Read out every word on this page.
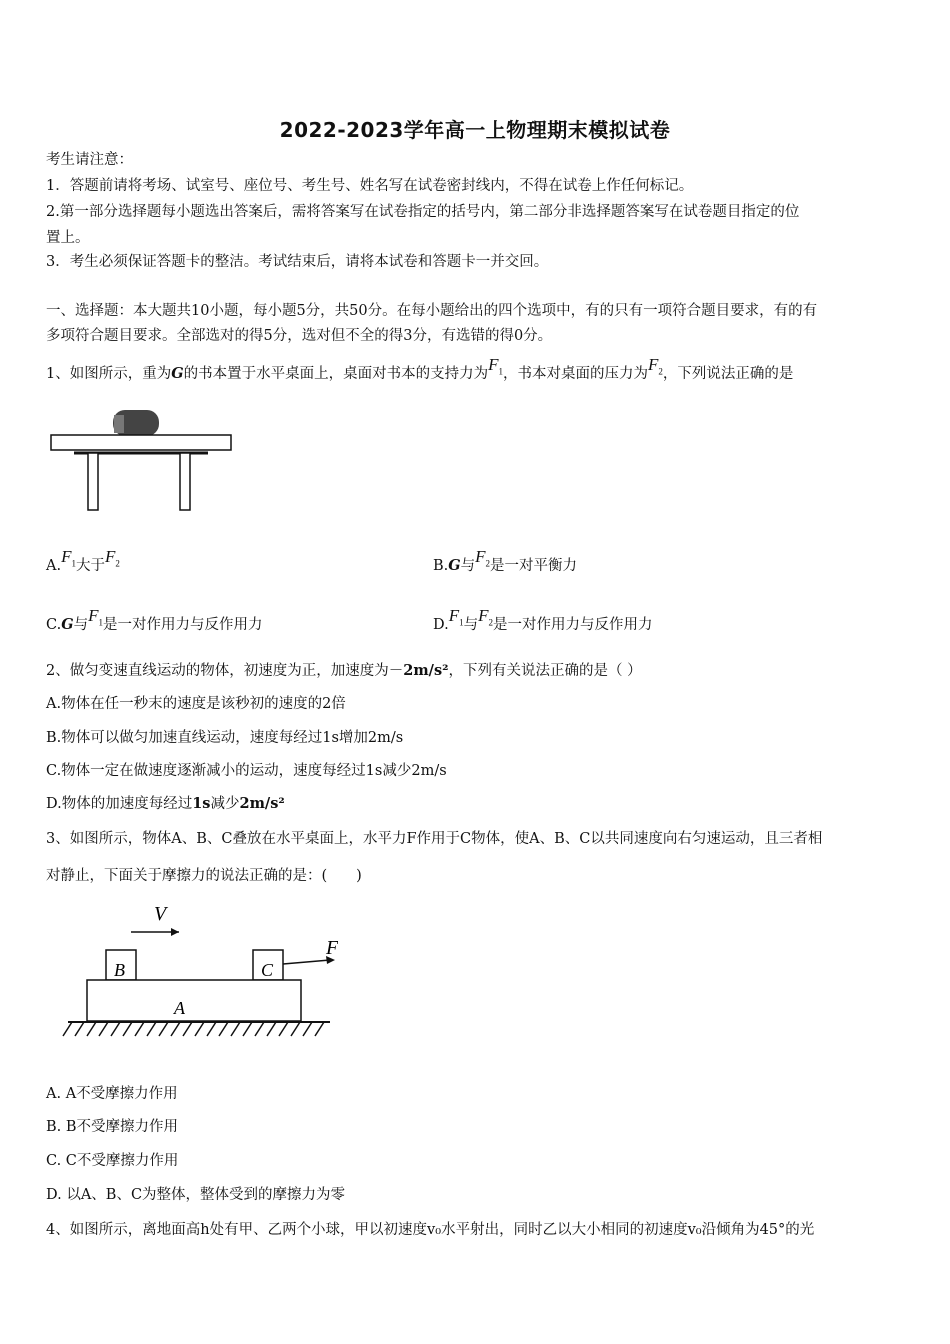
2022-2023学年高一上物理期末模拟试卷
考生请注意：
1．答题前请将考场、试室号、座位号、考生号、姓名写在试卷密封线内，不得在试卷上作任何标记。
2.第一部分选择题每小题选出答案后，需将答案写在试卷指定的括号内，第二部分非选择题答案写在试卷题目指定的位
置上。
3．考生必须保证答题卡的整洁。考试结束后，请将本试卷和答题卡一并交回。
一、选择题：本大题共10小题，每小题5分，共50分。在每小题给出的四个选项中，有的只有一项符合题目要求，有的有
多项符合题目要求。全部选对的得5分，选对但不全的得3分，有选错的得0分。
1、如图所示，重为G的书本置于水平桌面上，桌面对书本的支持力为$F_1$，书本对桌面的压力为$F_2$，下列说法正确的是
$A.F_1$大于$F_2$	B.G与$F_2$是一对平衡力
C.G与$F_1$是一对作用力与反作用力	$D.F_1$与$F_2$是一对作用力与反作用力
2、做匀变速直线运动的物体，初速度为正，加速度为－2m/s²，下列有关说法正确的是（ ）
A.物体在任一秒末的速度是该秒初的速度的2倍
B.物体可以做匀加速直线运动，速度每经过1s增加2m/s
C.物体一定在做速度逐渐减小的运动，速度每经过1s减少2m/s
D.物体的加速度每经过1s减少2m/s²
3、如图所示，物体A、B、C叠放在水平桌面上，水平力F作用于C物体，使A、B、C以共同速度向右匀速运动，且三者相
对静止，下面关于摩擦力的说法正确的是：(　　)
V
B	C
F
A
A. A不受摩擦力作用
B. B不受摩擦力作用
C. C不受摩擦力作用
D. 以A、B、C为整体，整体受到的摩擦力为零
4、如图所示，离地面高h处有甲、乙两个小球，甲以初速度v₀水平射出，同时乙以大小相同的初速度v₀沿倾角为45°的光
